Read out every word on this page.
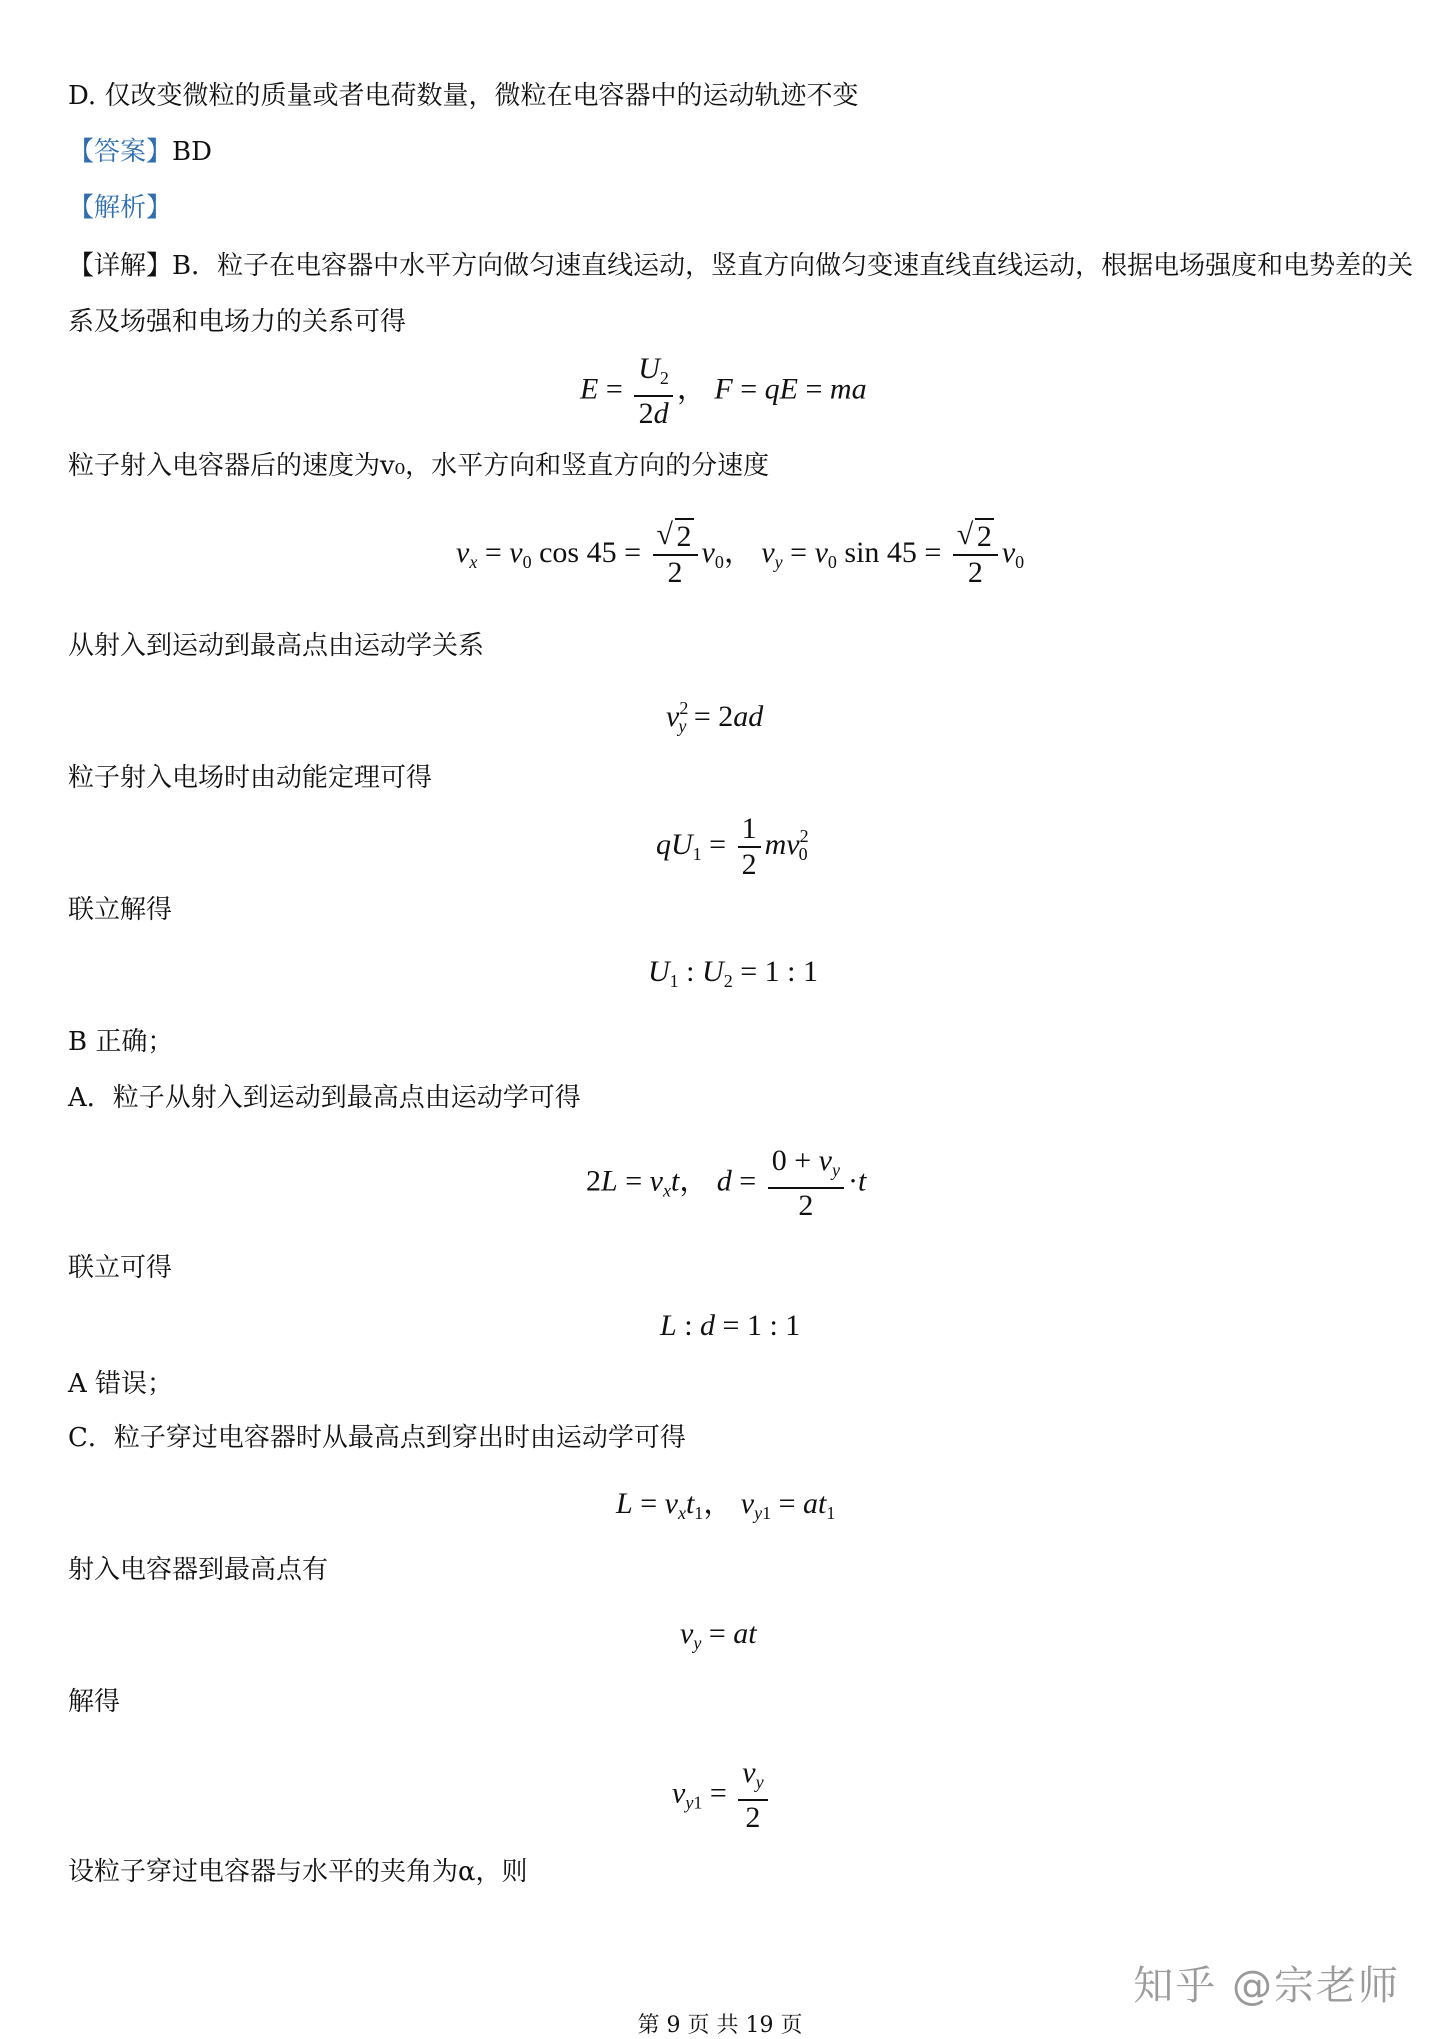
D. 仅改变微粒的质量或者电荷数量，微粒在电容器中的运动轨迹不变
【答案】BD
【解析】
【详解】B．粒子在电容器中水平方向做匀速直线运动，竖直方向做匀变速直线直线运动，根据电场强度和电势差的关
系及场强和电场力的关系可得
$E = \frac{U_2}{2d}$ ， F = qE = ma
粒子射入电容器后的速度为v₀，水平方向和竖直方向的分速度
$v_x = v_0$ cos 45 = √ $\frac{2}{2} v_0$， $v_y = v_0$ sin 45 = √ $\frac{2}{2} v_0$
从射入到运动到最高点由运动学关系
$v^2_y = 2ad$
粒子射入电场时由动能定理可得
$qU_1 = \frac{1}{2} mv^2_0$
联立解得
$U_1$ : $U_2 = 1$ : 1
B 正确；
A．粒子从射入到运动到最高点由运动学可得
$2L = v_xt$， $d = \frac{0 + v_y}{2} \cdot t$
联立可得
L : d = 1 : 1
A 错误；
C．粒子穿过电容器时从最高点到穿出时由运动学可得
$L = v_xt_1$， $v_{y1} = at_1$
射入电容器到最高点有
$v_y$ = at
解得
$v_{y1} = \frac{v_y}{2}$
设粒子穿过电容器与水平的夹角为α，则
知乎 @宗老师
第 9 页 共 19 页
